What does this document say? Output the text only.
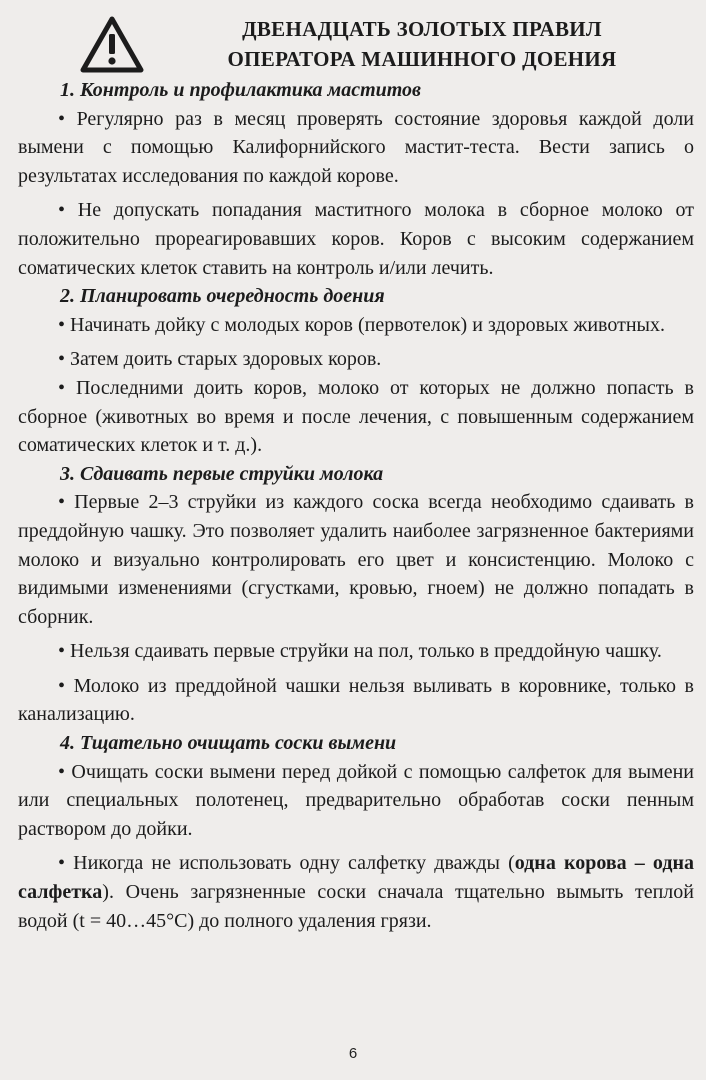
ДВЕНАДЦАТЬ ЗОЛОТЫХ ПРАВИЛ
ОПЕРАТОРА МАШИННОГО ДОЕНИЯ

1. Контроль и профилактика маститов

• Регулярно раз в месяц проверять состояние здоровья каждой доли вымени с помощью Калифорнийского мастит-теста. Вести запись о результатах исследования по каждой корове.

• Не допускать попадания маститного молока в сборное молоко от положительно прореагировавших коров. Коров с высоким содержанием соматических клеток ставить на контроль и/или лечить.

2. Планировать очередность доения

• Начинать дойку с молодых коров (первотелок) и здоровых животных.

• Затем доить старых здоровых коров.

• Последними доить коров, молоко от которых не должно попасть в сборное (животных во время и после лечения, с повышенным содержанием соматических клеток и т. д.).

3. Сдаивать первые струйки молока

• Первые 2–3 струйки из каждого соска всегда необходимо сдаивать в преддойную чашку. Это позволяет удалить наиболее загрязненное бактериями молоко и визуально контролировать его цвет и консистенцию. Молоко с видимыми изменениями (сгустками, кровью, гноем) не должно попадать в сборник.

• Нельзя сдаивать первые струйки на пол, только в преддойную чашку.

• Молоко из преддойной чашки нельзя выливать в коровнике, только в канализацию.

4. Тщательно очищать соски вымени

• Очищать соски вымени перед дойкой с помощью салфеток для вымени или специальных полотенец, предварительно обработав соски пенным раствором до дойки.

• Никогда не использовать одну салфетку дважды (одна корова – одна салфетка). Очень загрязненные соски сначала тщательно вымыть теплой водой (t = 40…45°C) до полного удаления грязи.

6
